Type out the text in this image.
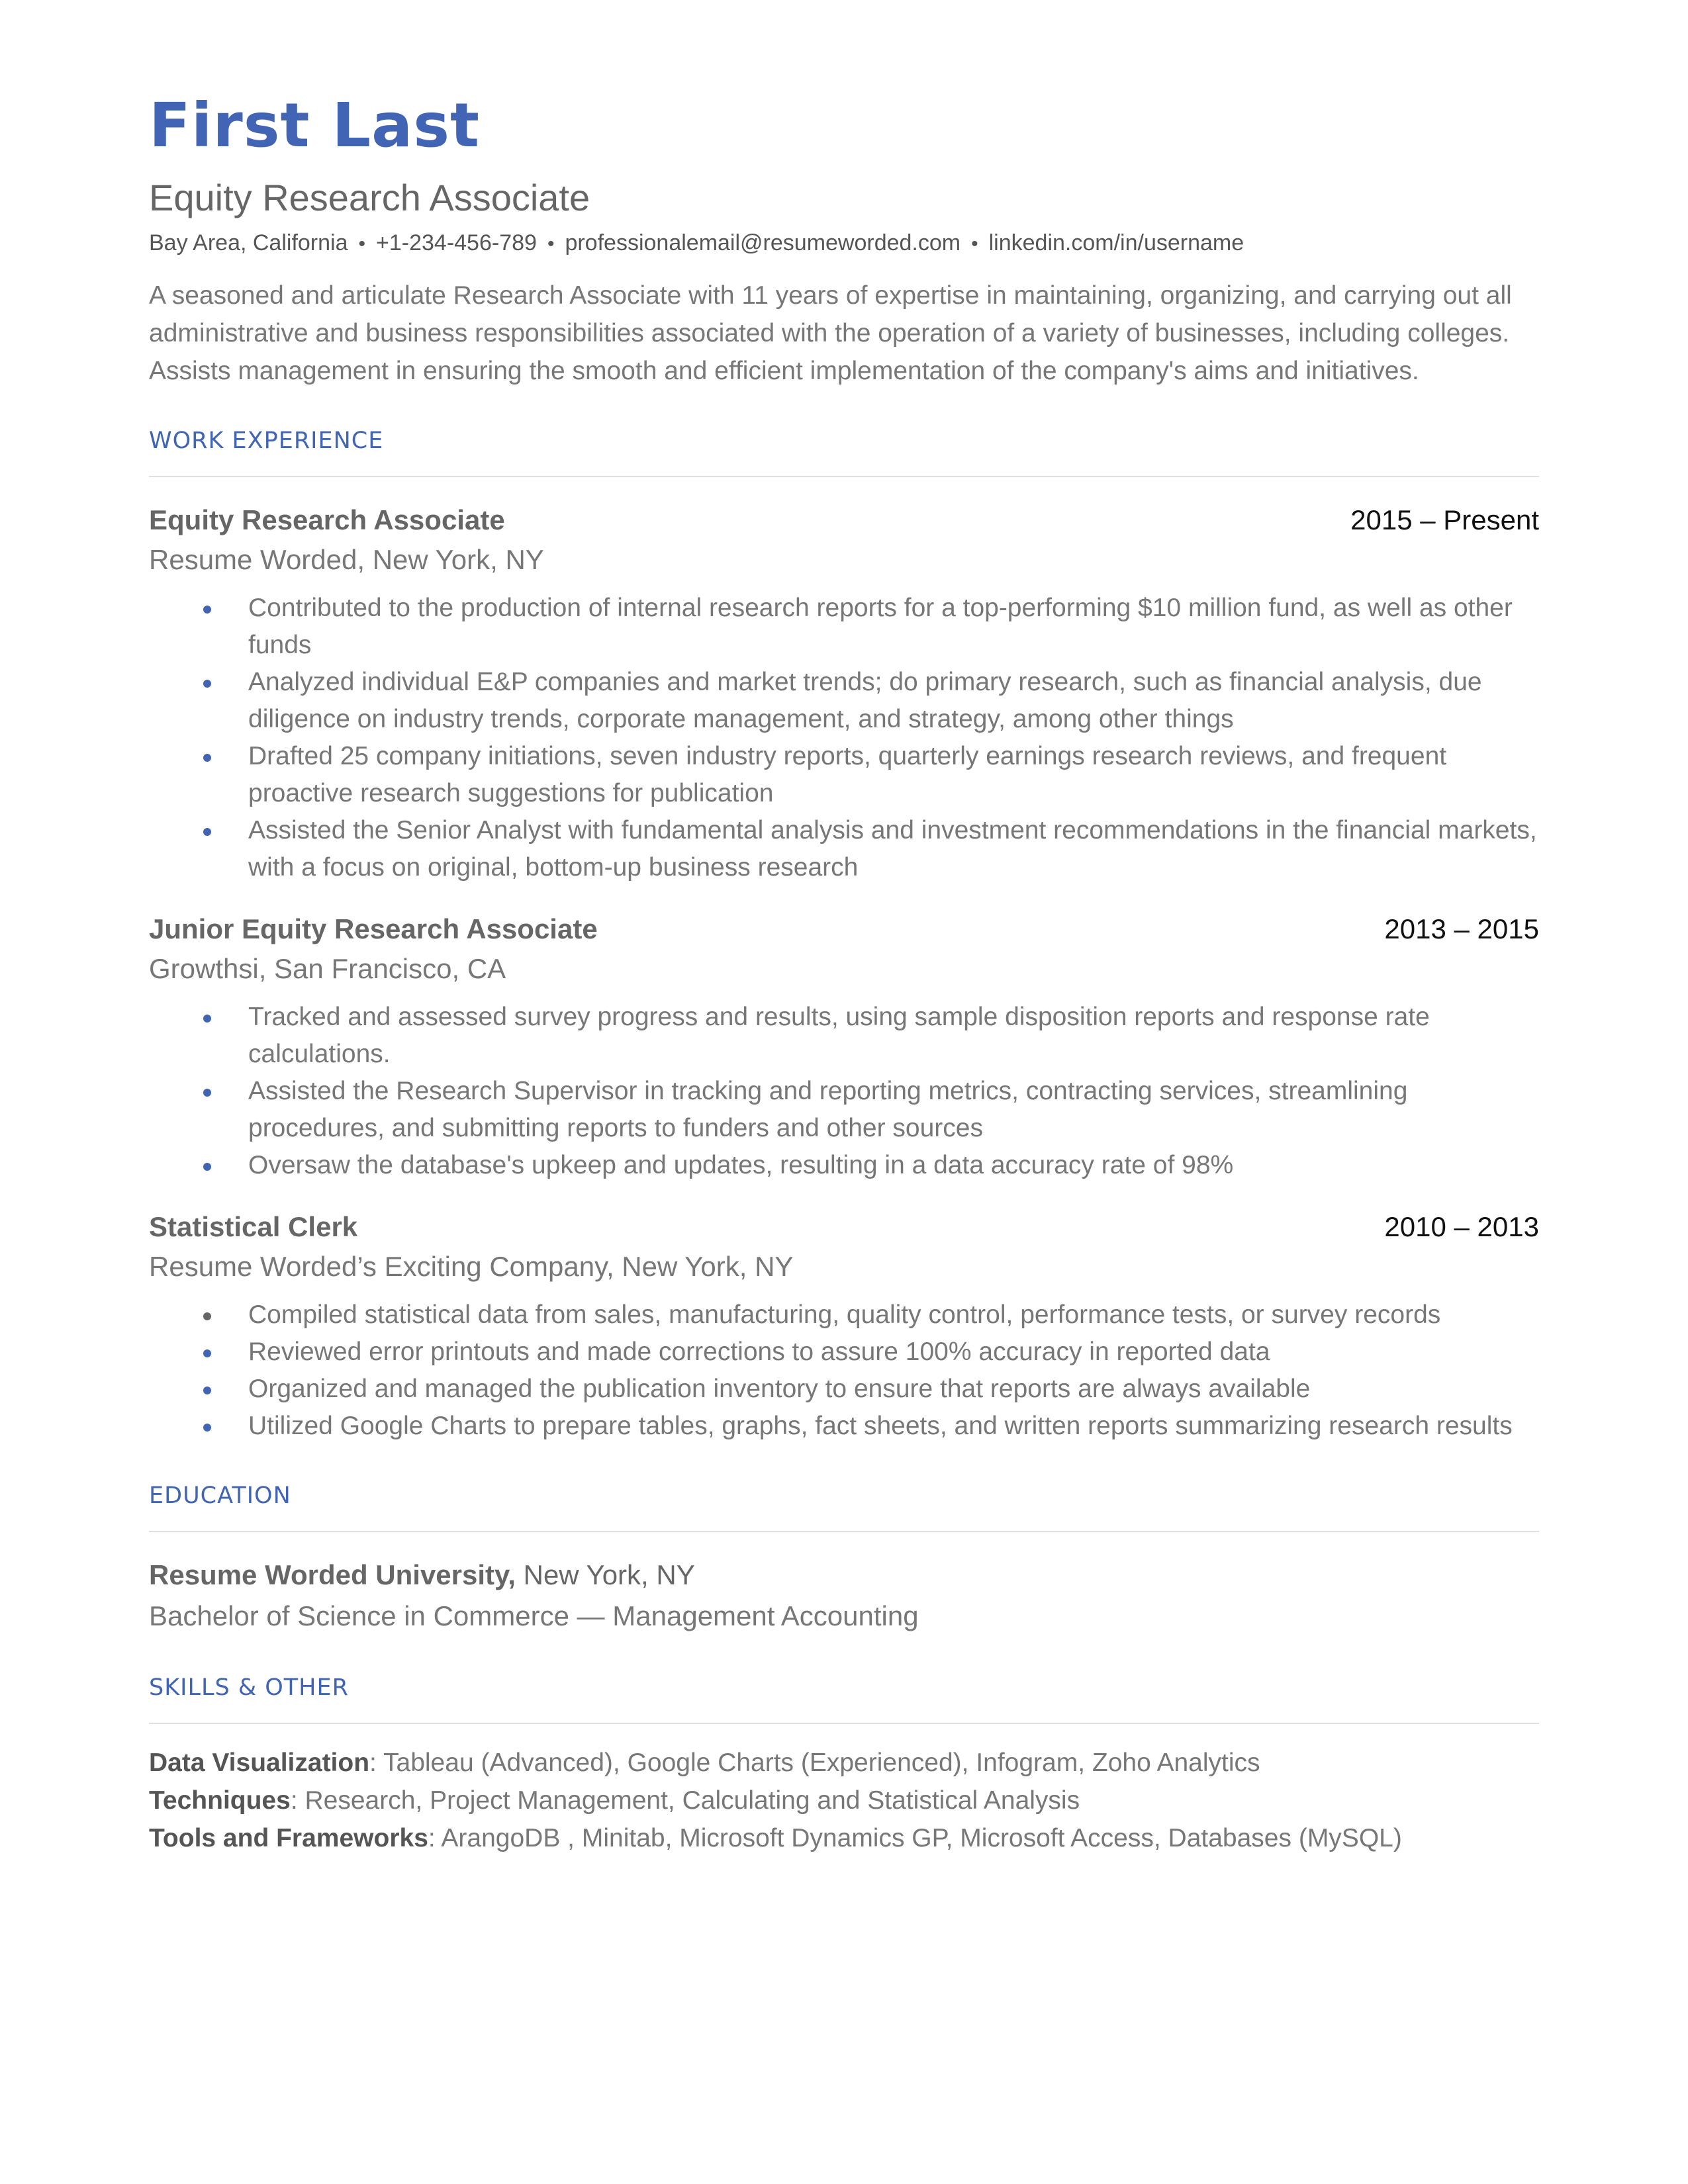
First Last
Equity Research Associate
Bay Area, California • +1-234-456-789 • professionalemail@resumeworded.com • linkedin.com/in/username
A seasoned and articulate Research Associate with 11 years of expertise in maintaining, organizing, and carrying out all administrative and business responsibilities associated with the operation of a variety of businesses, including colleges. Assists management in ensuring the smooth and efficient implementation of the company's aims and initiatives.
WORK EXPERIENCE
Equity Research Associate	2015 – Present
Resume Worded, New York, NY
Contributed to the production of internal research reports for a top-performing $10 million fund, as well as other funds
Analyzed individual E&P companies and market trends; do primary research, such as financial analysis, due diligence on industry trends, corporate management, and strategy, among other things
Drafted 25 company initiations, seven industry reports, quarterly earnings research reviews, and frequent proactive research suggestions for publication
Assisted the Senior Analyst with fundamental analysis and investment recommendations in the financial markets, with a focus on original, bottom-up business research
Junior Equity Research Associate	2013 – 2015
Growthsi, San Francisco, CA
Tracked and assessed survey progress and results, using sample disposition reports and response rate calculations.
Assisted the Research Supervisor in tracking and reporting metrics, contracting services, streamlining procedures, and submitting reports to funders and other sources
Oversaw the database's upkeep and updates, resulting in a data accuracy rate of 98%
Statistical Clerk	2010 – 2013
Resume Worded’s Exciting Company, New York, NY
Compiled statistical data from sales, manufacturing, quality control, performance tests, or survey records
Reviewed error printouts and made corrections to assure 100% accuracy in reported data
Organized and managed the publication inventory to ensure that reports are always available
Utilized Google Charts to prepare tables, graphs, fact sheets, and written reports summarizing research results
EDUCATION
Resume Worded University, New York, NY
Bachelor of Science in Commerce — Management Accounting
SKILLS & OTHER
Data Visualization: Tableau (Advanced), Google Charts (Experienced), Infogram, Zoho Analytics
Techniques: Research, Project Management, Calculating and Statistical Analysis
Tools and Frameworks: ArangoDB , Minitab, Microsoft Dynamics GP, Microsoft Access, Databases (MySQL)
